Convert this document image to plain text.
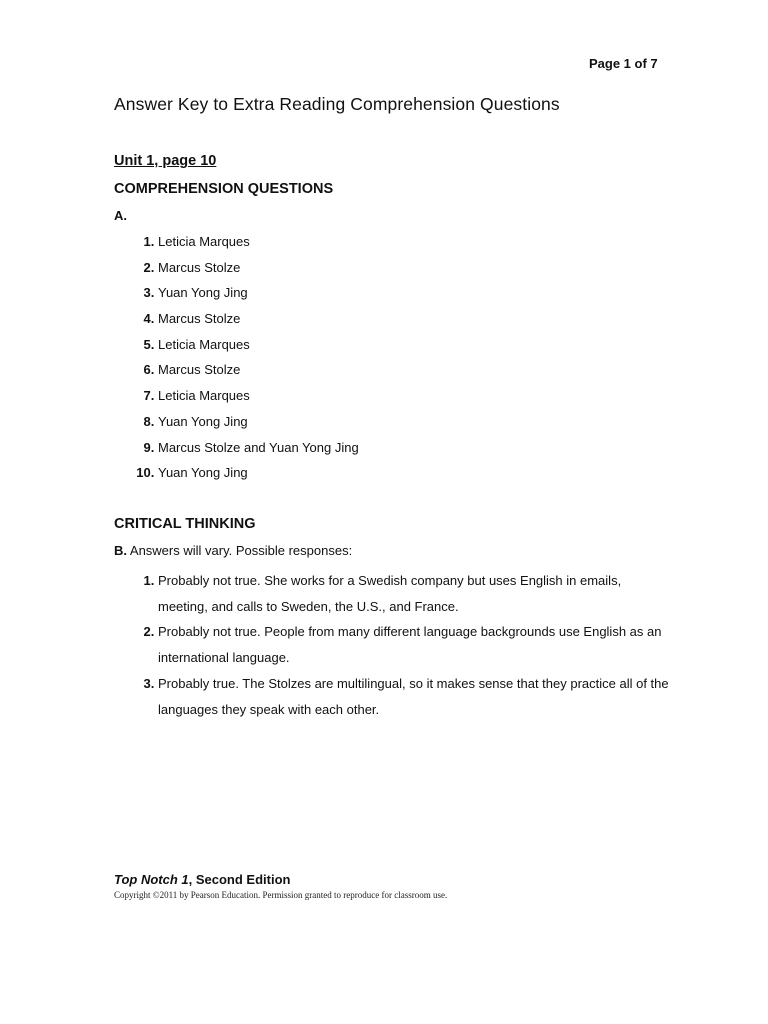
Page 1 of 7
Answer Key to Extra Reading Comprehension Questions
Unit 1, page 10
COMPREHENSION QUESTIONS
A.
1. Leticia Marques
2. Marcus Stolze
3. Yuan Yong Jing
4. Marcus Stolze
5. Leticia Marques
6. Marcus Stolze
7. Leticia Marques
8. Yuan Yong Jing
9. Marcus Stolze and Yuan Yong Jing
10. Yuan Yong Jing
CRITICAL THINKING
B. Answers will vary. Possible responses:
1. Probably not true. She works for a Swedish company but uses English in emails, meeting, and calls to Sweden, the U.S., and France.
2. Probably not true. People from many different language backgrounds use English as an international language.
3. Probably true. The Stolzes are multilingual, so it makes sense that they practice all of the languages they speak with each other.
Top Notch 1, Second Edition
Copyright ©2011 by Pearson Education. Permission granted to reproduce for classroom use.
